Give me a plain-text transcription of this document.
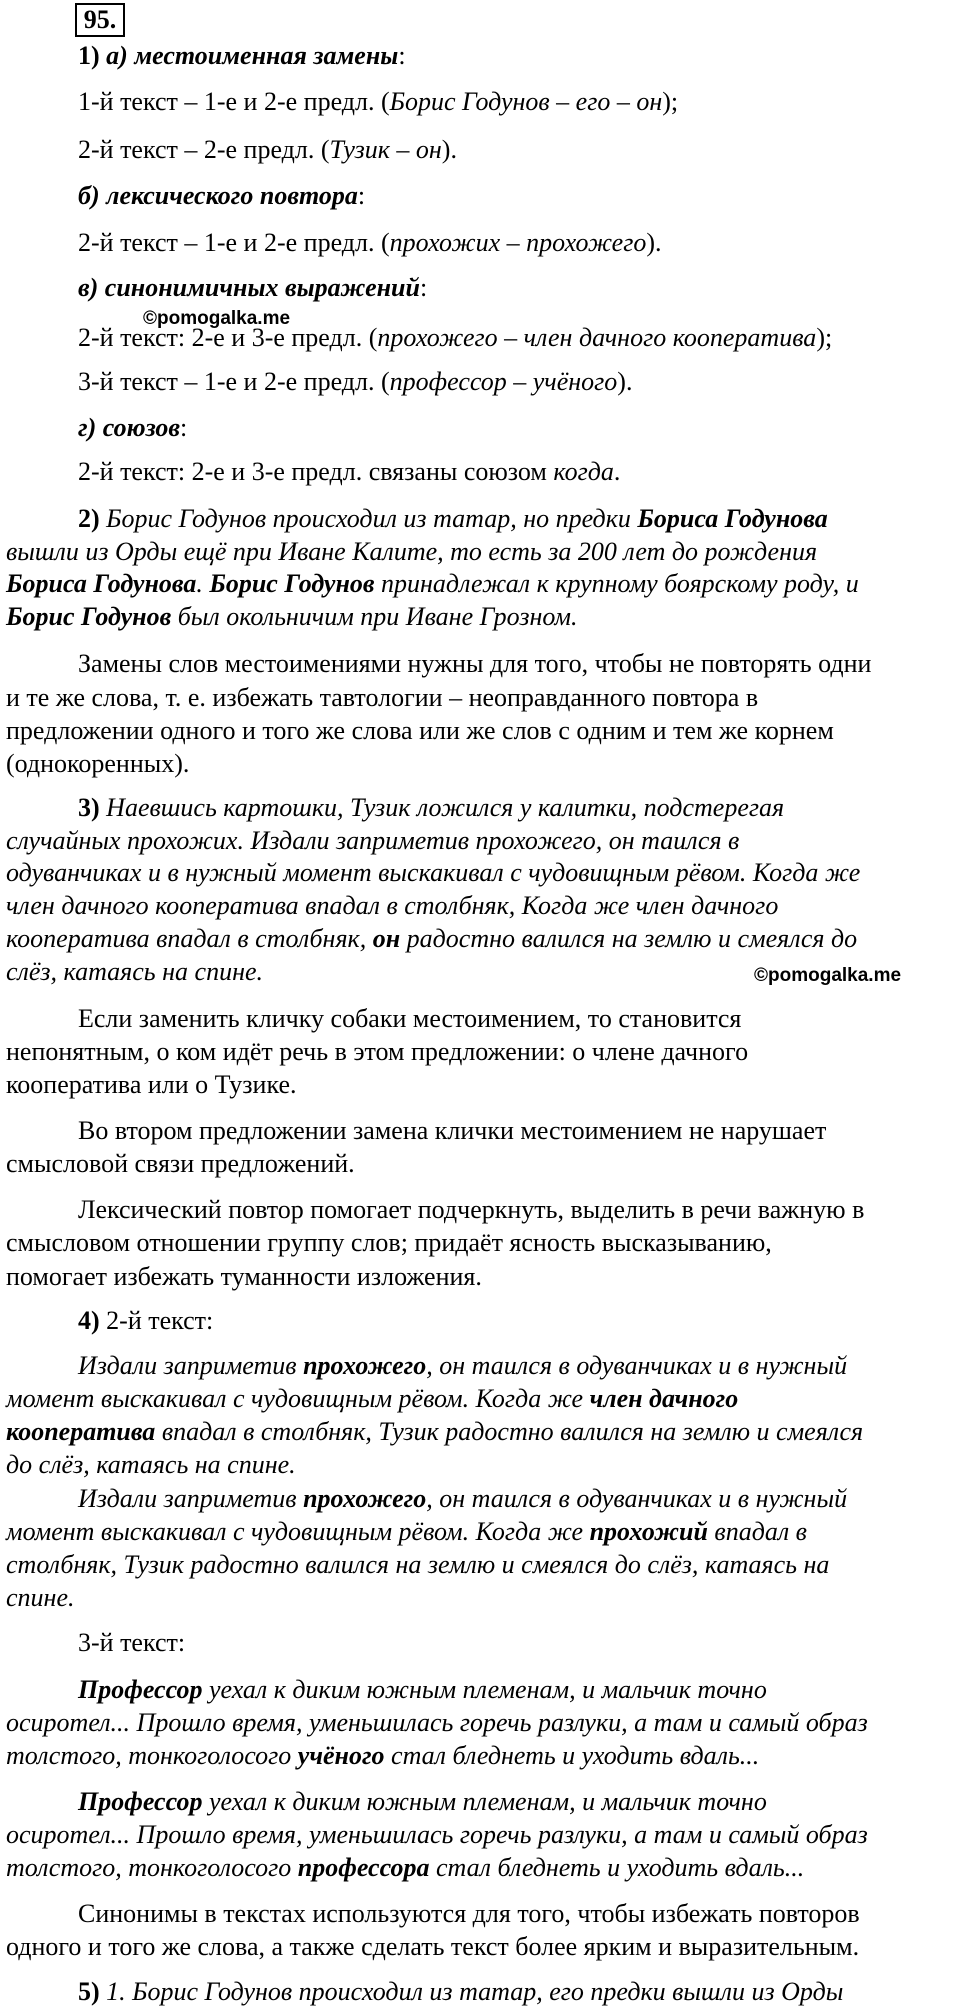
95.
1) а) местоименная замены:
1-й текст – 1-е и 2-е предл. (Борис Годунов – его – он);
2-й текст – 2-е предл. (Тузик – он).
б) лексического повтора:
2-й текст – 1-е и 2-е предл. (прохожих – прохожего).
в) синонимичных выражений:
©pomogalka.me
2-й текст: 2-е и 3-е предл. (прохожего – член дачного кооператива);
3-й текст – 1-е и 2-е предл. (профессор – учёного).
г) союзов:
2-й текст: 2-е и 3-е предл. связаны союзом когда.
2) Борис Годунов происходил из татар, но предки Бориса Годунова
вышли из Орды ещё при Иване Калите, то есть за 200 лет до рождения
Бориса Годунова. Борис Годунов принадлежал к крупному боярскому роду, и
Борис Годунов был окольничим при Иване Грозном.
Замены слов местоимениями нужны для того, чтобы не повторять одни
и те же слова, т. е. избежать тавтологии – неоправданного повтора в
предложении одного и того же слова или же слов с одним и тем же корнем
(однокоренных).
3) Наевшись картошки, Тузик ложился у калитки, подстерегая
случайных прохожих. Издали заприметив прохожего, он таился в
одуванчиках и в нужный момент выскакивал с чудовищным рёвом. Когда же
член дачного кооператива впадал в столбняк, Когда же член дачного
кооператива впадал в столбняк, он радостно валился на землю и смеялся до
слёз, катаясь на спине.	©pomogalka.me
Если заменить кличку собаки местоимением, то становится
непонятным, о ком идёт речь в этом предложении: о члене дачного
кооператива или о Тузике.
Во втором предложении замена клички местоимением не нарушает
смысловой связи предложений.
Лексический повтор помогает подчеркнуть, выделить в речи важную в
смысловом отношении группу слов; придаёт ясность высказыванию,
помогает избежать туманности изложения.
4) 2-й текст:
Издали заприметив прохожего, он таился в одуванчиках и в нужный
момент выскакивал с чудовищным рёвом. Когда же член дачного
кооператива впадал в столбняк, Тузик радостно валился на землю и смеялся
до слёз, катаясь на спине.
Издали заприметив прохожего, он таился в одуванчиках и в нужный
момент выскакивал с чудовищным рёвом. Когда же прохожий впадал в
столбняк, Тузик радостно валился на землю и смеялся до слёз, катаясь на
спине.
3-й текст:
Профессор уехал к диким южным племенам, и мальчик точно
осиротел... Прошло время, уменьшилась горечь разлуки, а там и самый образ
толстого, тонкоголосого учёного стал бледнеть и уходить вдаль...
Профессор уехал к диким южным племенам, и мальчик точно
осиротел... Прошло время, уменьшилась горечь разлуки, а там и самый образ
толстого, тонкоголосого профессора стал бледнеть и уходить вдаль...
Синонимы в текстах используются для того, чтобы избежать повторов
одного и того же слова, а также сделать текст более ярким и выразительным.
5) 1. Борис Годунов происходил из татар, его предки вышли из Орды
